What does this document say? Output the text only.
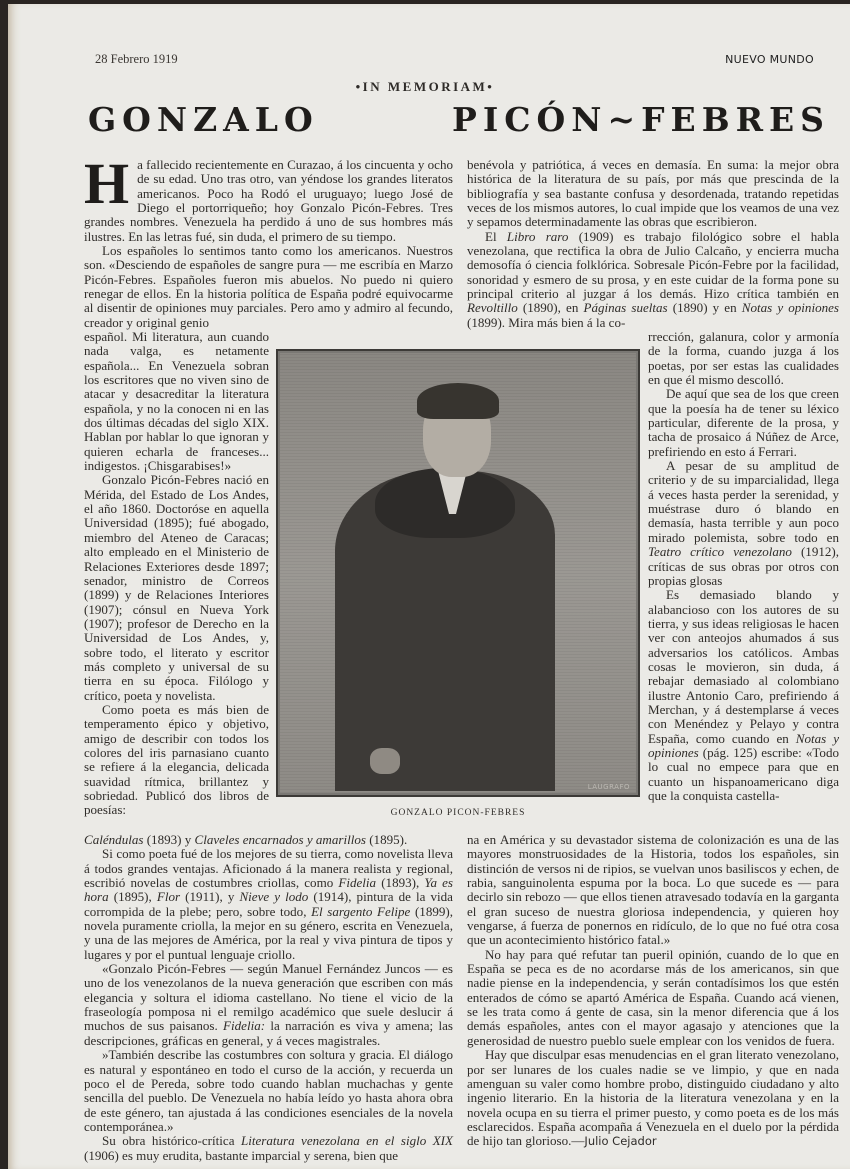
28 Febrero 1919	NUEVO MUNDO
•IN MEMORIAM•
GONZALO PICÓN~FEBRES

Ha fallecido recientemente en Curazao, á los cincuenta y ocho de su edad. Uno tras otro, van yéndose los grandes literatos americanos. Poco ha Rodó el uruguayo; luego José de Diego el portorriqueño; hoy Gonzalo Picón-Febres. Tres grandes nombres. Venezuela ha perdido á uno de sus hombres más ilustres. En las letras fué, sin duda, el primero de su tiempo.

Los españoles lo sentimos tanto como los americanos. Nuestros son. «Desciendo de españoles de sangre pura — me escribía en Marzo Picón-Febres. Españoles fueron mis abuelos. No puedo ni quiero renegar de ellos. En la historia política de España podré equivocarme al disentir de opiniones muy parciales. Pero amo y admiro al fecundo, creador y original genio

español. Mi literatura, aun cuando nada valga, es netamente española... En Venezuela sobran los escritores que no viven sino de atacar y desacreditar la literatura española, y no la conocen ni en las dos últimas décadas del siglo XIX. Hablan por hablar lo que ignoran y quieren echarla de franceses... indigestos. ¡Chisgarabises!»

Gonzalo Picón-Febres nació en Mérida, del Estado de Los Andes, el año 1860. Doctoróse en aquella Universidad (1895); fué abogado, miembro del Ateneo de Caracas; alto empleado en el Ministerio de Relaciones Exteriores desde 1897; senador, ministro de Correos (1899) y de Relaciones Interiores (1907); cónsul en Nueva York (1907); profesor de Derecho en la Universidad de Los Andes, y, sobre todo, el literato y escritor más completo y universal de su tierra en su época. Filólogo y crítico, poeta y novelista.

Como poeta es más bien de temperamento épico y objetivo, amigo de describir con todos los colores del iris parnasiano cuanto se refiere á la elegancia, delicada suavidad rítmica, brillantez y sobriedad. Publicó dos libros de poesías:

Caléndulas (1893) y Claveles encarnados y amarillos (1895).

Si como poeta fué de los mejores de su tierra, como novelista lleva á todos grandes ventajas. Aficionado á la manera realista y regional, escribió novelas de costumbres criollas, como Fidelia (1893), Ya es hora (1895), Flor (1911), y Nieve y lodo (1914), pintura de la vida corrompida de la plebe; pero, sobre todo, El sargento Felipe (1899), novela puramente criolla, la mejor en su género, escrita en Venezuela, y una de las mejores de América, por la real y viva pintura de tipos y lugares y por el puntual lenguaje criollo.

«Gonzalo Picón-Febres — según Manuel Fernández Juncos — es uno de los venezolanos de la nueva generación que escriben con más elegancia y soltura el idioma castellano. No tiene el vicio de la fraseología pomposa ni el remilgo académico que suele deslucir á muchos de sus paisanos. Fidelia: la narración es viva y amena; las descripciones, gráficas en general, y á veces magistrales.

»También describe las costumbres con soltura y gracia. El diálogo es natural y espontáneo en todo el curso de la acción, y recuerda un poco el de Pereda, sobre todo cuando hablan muchachas y gente sencilla del pueblo. De Venezuela no había leído yo hasta ahora obra de este género, tan ajustada á las condiciones esenciales de la novela contemporánea.»

Su obra histórico-crítica Literatura venezolana en el siglo XIX (1906) es muy erudita, bastante imparcial y serena, bien que

benévola y patriótica, á veces en demasía. En suma: la mejor obra histórica de la literatura de su país, por más que prescinda de la bibliografía y sea bastante confusa y desordenada, tratando repetidas veces de los mismos autores, lo cual impide que los veamos de una vez y sepamos determinadamente las obras que escribieron.

El Libro raro (1909) es trabajo filológico sobre el habla venezolana, que rectifica la obra de Julio Calcaño, y encierra mucha demosofía ó ciencia folklórica. Sobresale Picón-Febre por la facilidad, sonoridad y esmero de su prosa, y en este cuidar de la forma pone su principal criterio al juzgar á los demás. Hizo crítica también en Revoltillo (1890), en Páginas sueltas (1890) y en Notas y opiniones (1899). Mira más bien á la co-

rrección, galanura, color y armonía de la forma, cuando juzga á los poetas, por ser estas las cualidades en que él mismo descolló.

De aquí que sea de los que creen que la poesía ha de tener su léxico particular, diferente de la prosa, y tacha de prosaico á Núñez de Arce, prefiriendo en esto á Ferrari.

A pesar de su amplitud de criterio y de su imparcialidad, llega á veces hasta perder la serenidad, y muéstrase duro ó blando en demasía, hasta terrible y aun poco mirado polemista, sobre todo en Teatro crítico venezolano (1912), críticas de sus obras por otros con propias glosas

Es demasiado blando y alabancioso con los autores de su tierra, y sus ideas religiosas le hacen ver con anteojos ahumados á sus adversarios los católicos. Ambas cosas le movieron, sin duda, á rebajar demasiado al colombiano ilustre Antonio Caro, prefiriendo á Merchan, y á destemplarse á veces con Menéndez y Pelayo y contra España, como cuando en Notas y opiniones (pág. 125) escribe: «Todo lo cual no empece para que en cuanto un hispanoamericano diga que la conquista castella-

na en América y su devastador sistema de colonización es una de las mayores monstruosidades de la Historia, todos los españoles, sin distinción de versos ni de ripios, se vuelvan unos basiliscos y echen, de rabia, sanguinolenta espuma por la boca. Lo que sucede es — para decirlo sin rebozo — que ellos tienen atravesado todavía en la garganta el gran suceso de nuestra gloriosa independencia, y quieren hoy vengarse, á fuerza de ponernos en ridículo, de lo que no fué otra cosa que un acontecimiento histórico fatal.»

No hay para qué refutar tan pueril opinión, cuando de lo que en España se peca es de no acordarse más de los americanos, sin que nadie piense en la independencia, y serán contadísimos los que estén enterados de cómo se apartó América de España. Cuando acá vienen, se les trata como á gente de casa, sin la menor diferencia que á los demás españoles, antes con el mayor agasajo y atenciones que la generosidad de nuestro pueblo suele emplear con los venidos de fuera.

Hay que disculpar esas menudencias en el gran literato venezolano, por ser lunares de los cuales nadie se ve limpio, y que en nada amenguan su valer como hombre probo, distinguido ciudadano y alto ingenio literario. En la historia de la literatura venezolana y en la novela ocupa en su tierra el primer puesto, y como poeta es de los más esclarecidos. España acompaña á Venezuela en el duelo por la pérdida de hijo tan glorioso.—Julio Cejador

LAUGRAFO
GONZALO PICON-FEBRES
